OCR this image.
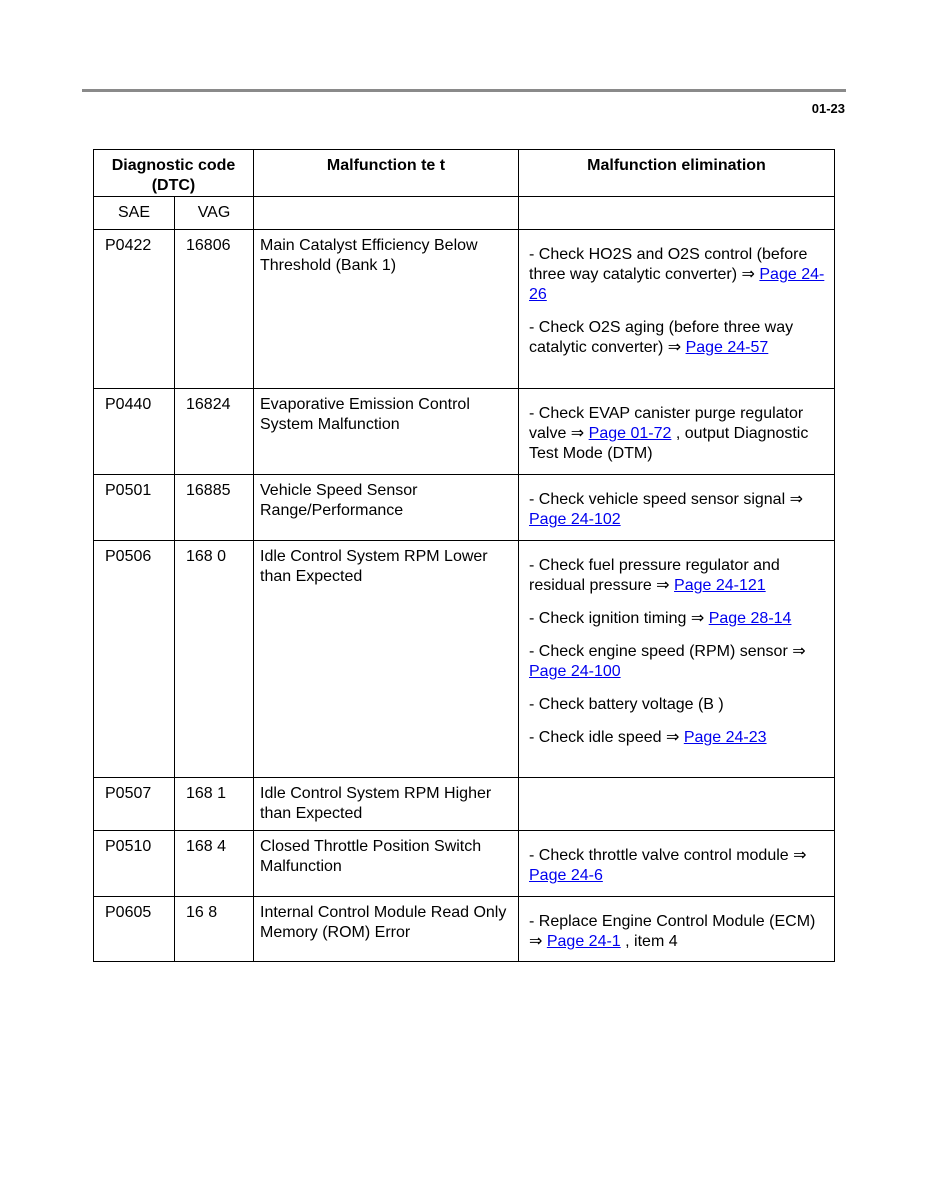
01-23
Diagnostic code (DTC)		Malfunction te t	Malfunction elimination
SAE	VAG		
P0422	16806	Main Catalyst Efficiency Below Threshold (Bank 1)	- Check HO2S and O2S control (before three way catalytic converter) ⇒ Page 24-26

- Check O2S aging (before three way catalytic converter) ⇒ Page 24-57

P0440	16824	Evaporative Emission Control System Malfunction	- Check EVAP canister purge regulator valve ⇒ Page 01-72 , output Diagnostic Test Mode (DTM)

P0501	16885	Vehicle Speed Sensor Range/Performance	- Check vehicle speed sensor signal ⇒ Page 24-102

P0506	168 0	Idle Control System RPM Lower than Expected	- Check fuel pressure regulator and residual pressure ⇒ Page 24-121

- Check ignition timing ⇒ Page 28-14

- Check engine speed (RPM) sensor ⇒ Page 24-100

- Check battery voltage (B )

- Check idle speed ⇒ Page 24-23

P0507	168 1	Idle Control System RPM Higher than Expected	
P0510	168 4	Closed Throttle Position Switch Malfunction	- Check throttle valve control module ⇒ Page 24-6

P0605	16 8	Internal Control Module Read Only Memory (ROM) Error	- Replace Engine Control Module (ECM) ⇒ Page 24-1 , item 4
